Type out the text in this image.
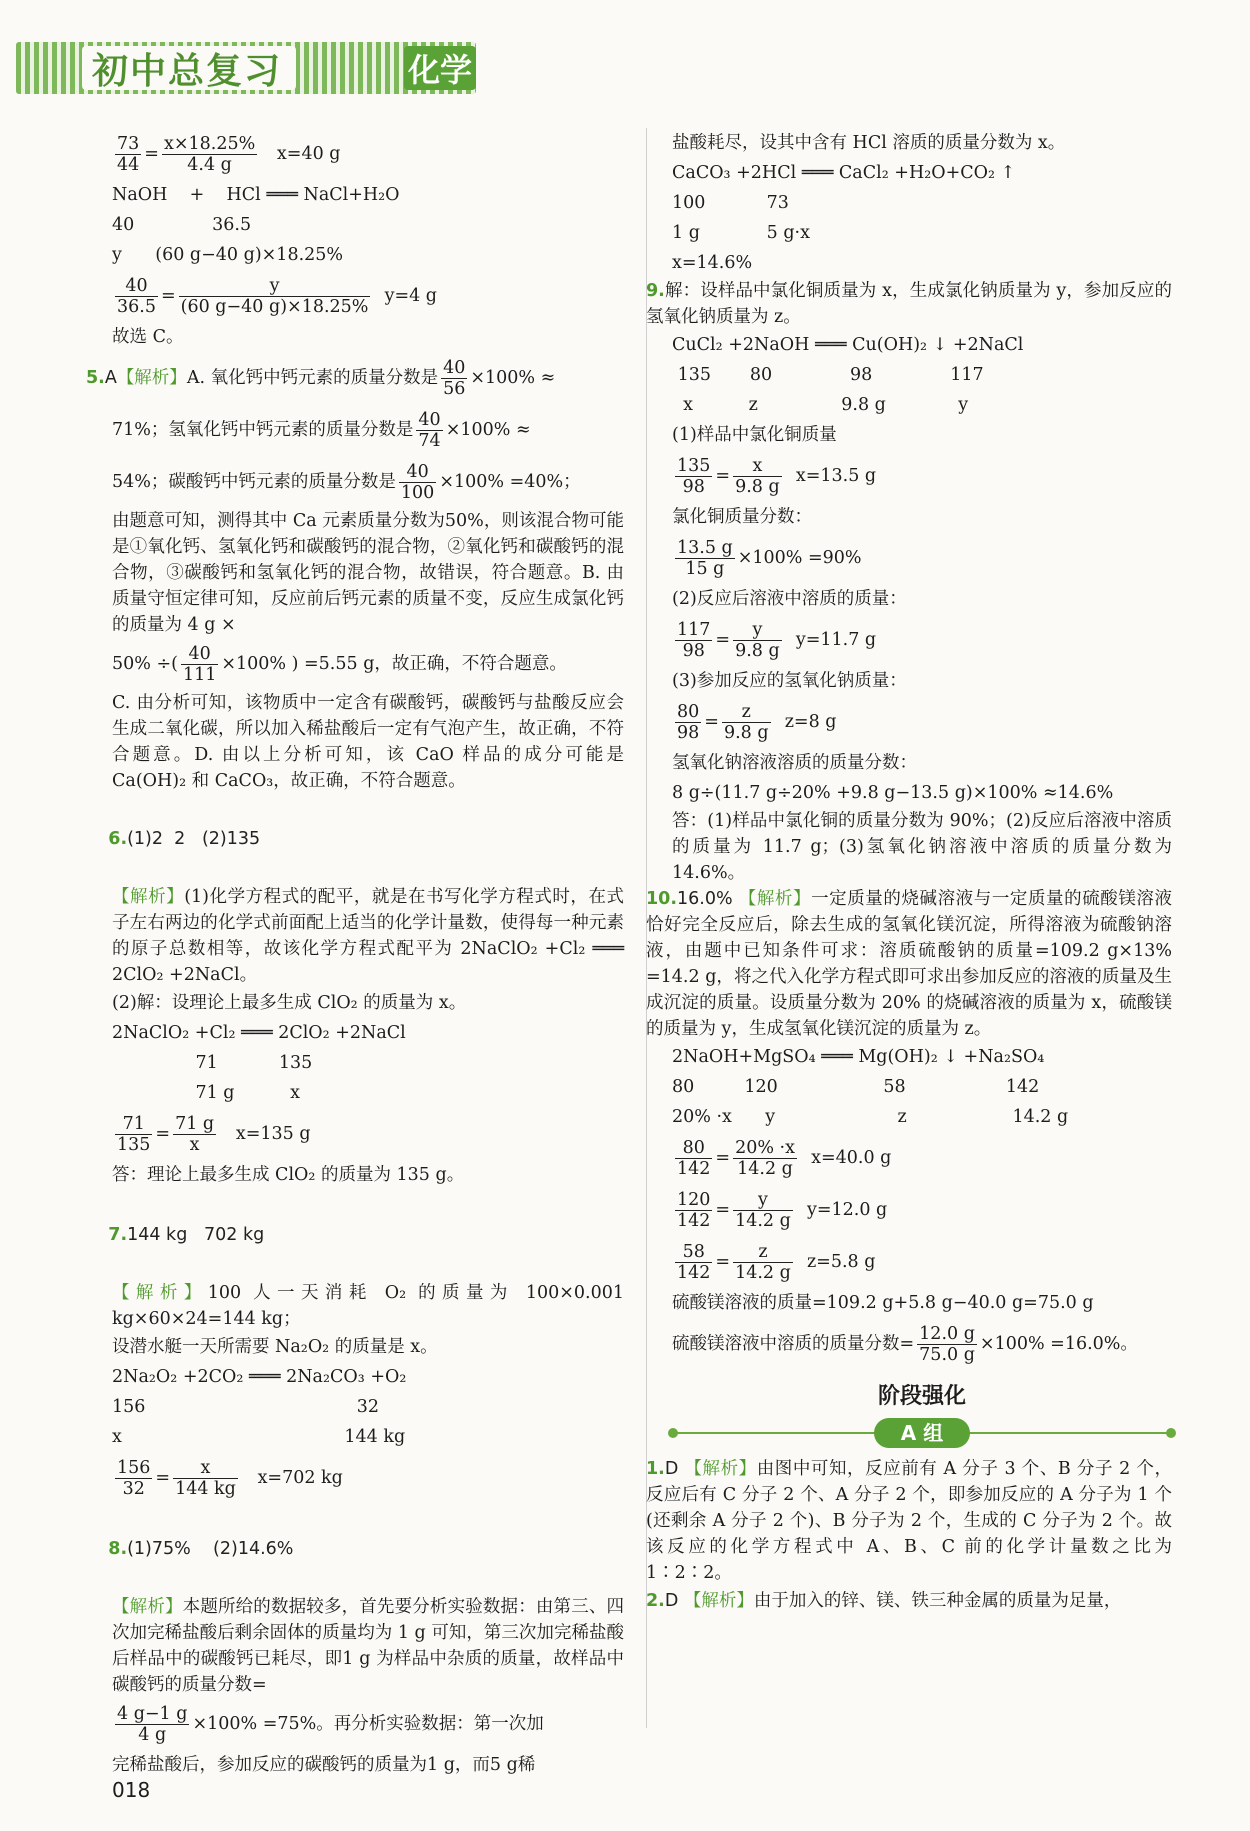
初中总复习	化学
$\frac{73}{44} = \frac{x\times 18.25\%}{4.4 g}$
x=40 g
NaOH    +    HCl ═══ NaCl+H₂O
40              36.5
y      (60 g−40 g)×18.25%
$\frac{40}{36.5} = \frac{y}{(60 g-40 g)\times 18.25\%}$
y=4 g
故选 C。
5. A 【解析】 A. 氧化钙中钙元素的质量分数是 $\frac{40}{56} \times 100\%$ ≈
71%；氢氧化钙中钙元素的质量分数是 $\frac{40}{74} \times 100\%$ ≈
54%；碳酸钙中钙元素的质量分数是 $\frac{40}{100} \times 100\% =40\%$；
由题意可知，测得其中 Ca 元素质量分数为50%，则该混合物可能是①氧化钙、氢氧化钙和碳酸钙的混合物，②氧化钙和碳酸钙的混合物，③碳酸钙和氢氧化钙的混合物，故错误，符合题意。B. 由质量守恒定律可知，反应前后钙元素的质量不变，反应生成氯化钙的质量为 4 g ×
50% ÷( $\frac{40}{111} \times 100\%$ ) =5.55 g，故正确，不符合题意。
C. 由分析可知，该物质中一定含有碳酸钙，碳酸钙与盐酸反应会生成二氧化碳，所以加入稀盐酸后一定有气泡产生，故正确，不符合题意。D. 由以上分析可知，该 CaO 样品的成分可能是 Ca(OH)₂ 和 CaCO₃，故正确，不符合题意。

6.(1)2  2   (2)135

【解析】(1)化学方程式的配平，就是在书写化学方程式时，在式子左右两边的化学式前面配上适当的化学计量数，使得每一种元素的原子总数相等，故该化学方程式配平为 2NaClO₂ +Cl₂ ═══ 2ClO₂ +2NaCl。
(2)解：设理论上最多生成 ClO₂ 的质量为 x。
2NaClO₂ +Cl₂ ═══ 2ClO₂ +2NaCl
71           135
71 g          x
$\frac{71}{135} = \frac{71 g}{x}$
x=135 g
答：理论上最多生成 ClO₂ 的质量为 135 g。

7.144 kg   702 kg

【解析】100 人一天消耗 O₂ 的质量为 100×0.001 kg×60×24=144 kg；
设潜水艇一天所需要 Na₂O₂ 的质量是 x。
2Na₂O₂ +2CO₂ ═══ 2Na₂CO₃ +O₂
156                                      32
x                                        144 kg
$\frac{156}{32} = \frac{x}{144 kg}$
x=702 kg

8.(1)75%    (2)14.6%

【解析】本题所给的数据较多，首先要分析实验数据：由第三、四次加完稀盐酸后剩余固体的质量均为 1 g 可知，第三次加完稀盐酸后样品中的碳酸钙已耗尽，即1 g 为样品中杂质的质量，故样品中碳酸钙的质量分数=
$\frac{4 g-1 g}{4 g} \times 100\% =75\%$。再分析实验数据：第一次加
完稀盐酸后，参加反应的碳酸钙的质量为1 g，而5 g稀
盐酸耗尽，设其中含有 HCl 溶质的质量分数为 x。
CaCO₃ +2HCl ═══ CaCl₂ +H₂O+CO₂ ↑
100           73
1 g            5 g·x
x=14.6%
9.解：设样品中氯化铜质量为 x，生成氯化钠质量为 y，参加反应的氢氧化钠质量为 z。
CuCl₂ +2NaOH ═══ Cu(OH)₂ ↓ +2NaCl
135       80              98              117
x          z               9.8 g             y
(1)样品中氯化铜质量
$\frac{135}{98} = \frac{x}{9.8 g}$
x=13.5 g
氯化铜质量分数：
$\frac{13.5 g}{15 g} \times 100\% =90\%$
(2)反应后溶液中溶质的质量：
$\frac{117}{98} = \frac{y}{9.8 g}$
y=11.7 g
(3)参加反应的氢氧化钠质量：
$\frac{80}{98} = \frac{z}{9.8 g}$
z=8 g
氢氧化钠溶液溶质的质量分数：
8 g÷(11.7 g÷20% +9.8 g−13.5 g)×100% ≈14.6%
答：(1)样品中氯化铜的质量分数为 90%；(2)反应后溶液中溶质的质量为 11.7 g；(3)氢氧化钠溶液中溶质的质量分数为 14.6%。
10.16.0% 【解析】一定质量的烧碱溶液与一定质量的硫酸镁溶液恰好完全反应后，除去生成的氢氧化镁沉淀，所得溶液为硫酸钠溶液，由题中已知条件可求：溶质硫酸钠的质量=109.2 g×13% =14.2 g，将之代入化学方程式即可求出参加反应的溶液的质量及生成沉淀的质量。设质量分数为 20% 的烧碱溶液的质量为 x，硫酸镁的质量为 y，生成氢氧化镁沉淀的质量为 z。
2NaOH+MgSO₄ ═══ Mg(OH)₂ ↓ +Na₂SO₄
80         120                   58                  142
20% ·x      y                      z                   14.2 g
$\frac{80}{142} = \frac{20\% \cdot x}{14.2 g}$
x=40.0 g
$\frac{120}{142} = \frac{y}{14.2 g}$
y=12.0 g
$\frac{58}{142} = \frac{z}{14.2 g}$
z=5.8 g
硫酸镁溶液的质量=109.2 g+5.8 g−40.0 g=75.0 g
硫酸镁溶液中溶质的质量分数= $\frac{12.0 g}{75.0 g} \times 100\% =16.0\%$。
阶段强化
A 组
1.D 【解析】由图中可知，反应前有 A 分子 3 个、B 分子 2 个，反应后有 C 分子 2 个、A 分子 2 个，即参加反应的 A 分子为 1 个(还剩余 A 分子 2 个)、B 分子为 2 个，生成的 C 分子为 2 个。故该反应的化学方程式中 A、B、C 前的化学计量数之比为 1∶2∶2。
2.D 【解析】由于加入的锌、镁、铁三种金属的质量为足量，
018
